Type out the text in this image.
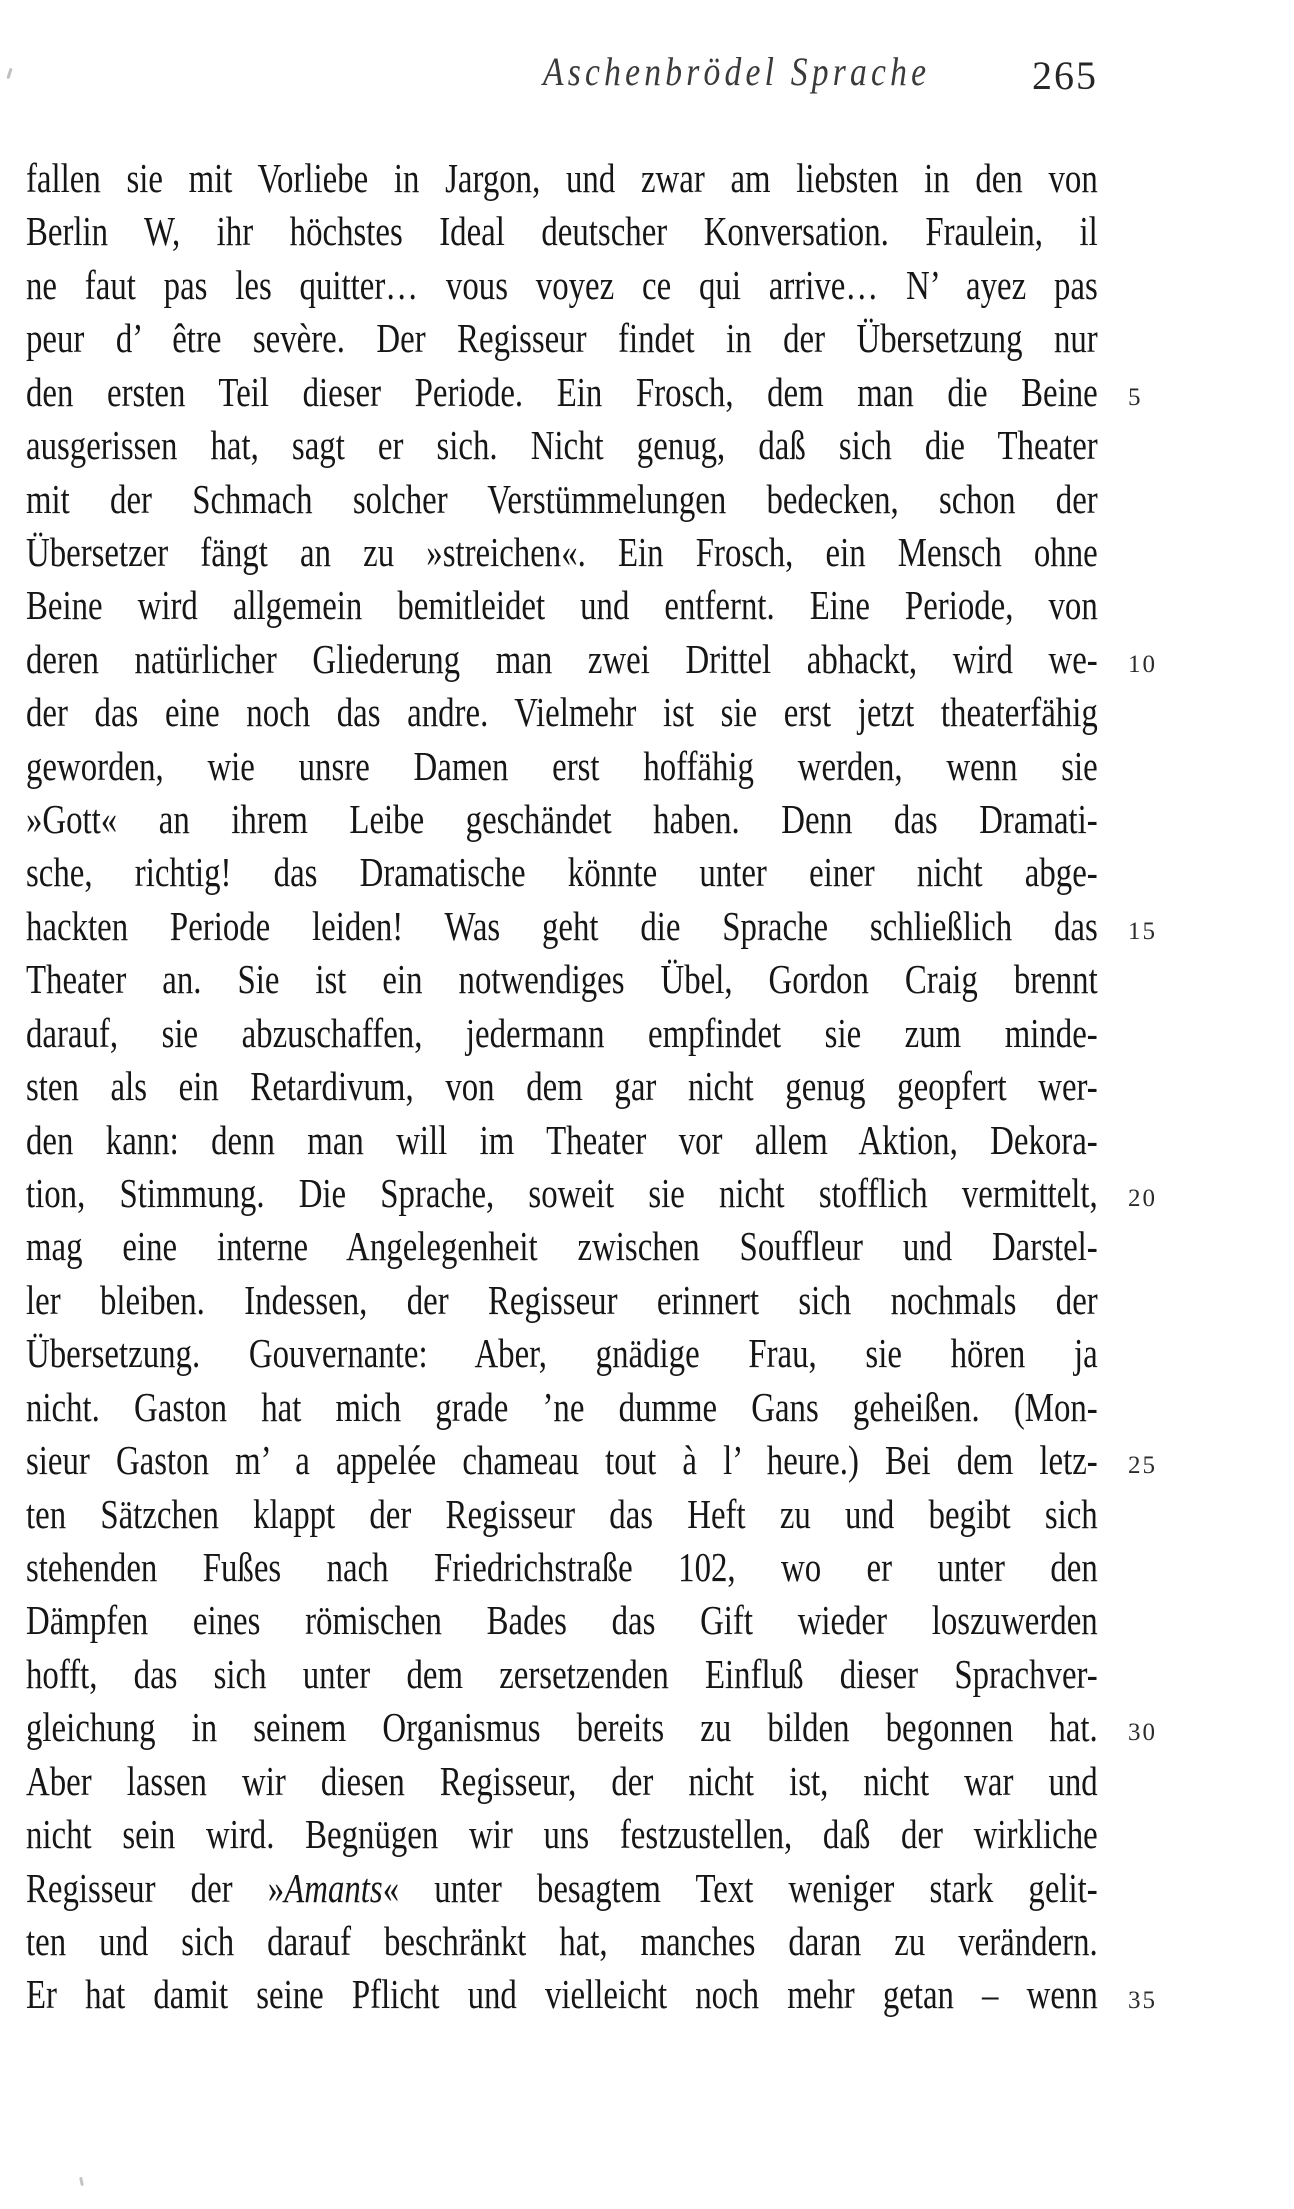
Aschenbrödel Sprache	265
fallen sie mit Vorliebe in Jargon, und zwar am liebsten in den von
Berlin W, ihr höchstes Ideal deutscher Konversation. Fraulein, il
ne faut pas les quitter… vous voyez ce qui arrive… N’ ayez pas
peur d’ être sevère. Der Regisseur findet in der Übersetzung nur
den ersten Teil dieser Periode. Ein Frosch, dem man die Beine
ausgerissen hat, sagt er sich. Nicht genug, daß sich die Theater
mit der Schmach solcher Verstümmelungen bedecken, schon der
Übersetzer fängt an zu »streichen«. Ein Frosch, ein Mensch ohne
Beine wird allgemein bemitleidet und entfernt. Eine Periode, von
deren natürlicher Gliederung man zwei Drittel abhackt, wird we-
der das eine noch das andre. Vielmehr ist sie erst jetzt theaterfähig
geworden, wie unsre Damen erst hoffähig werden, wenn sie
»Gott« an ihrem Leibe geschändet haben. Denn das Dramati-
sche, richtig! das Dramatische könnte unter einer nicht abge-
hackten Periode leiden! Was geht die Sprache schließlich das
Theater an. Sie ist ein notwendiges Übel, Gordon Craig brennt
darauf, sie abzuschaffen, jedermann empfindet sie zum minde-
sten als ein Retardivum, von dem gar nicht genug geopfert wer-
den kann: denn man will im Theater vor allem Aktion, Dekora-
tion, Stimmung. Die Sprache, soweit sie nicht stofflich vermittelt,
mag eine interne Angelegenheit zwischen Souffleur und Darstel-
ler bleiben. Indessen, der Regisseur erinnert sich nochmals der
Übersetzung. Gouvernante: Aber, gnädige Frau, sie hören ja
nicht. Gaston hat mich grade ’ne dumme Gans geheißen. (Mon-
sieur Gaston m’ a appelée chameau tout à l’ heure.) Bei dem letz-
ten Sätzchen klappt der Regisseur das Heft zu und begibt sich
stehenden Fußes nach Friedrichstraße 102, wo er unter den
Dämpfen eines römischen Bades das Gift wieder loszuwerden
hofft, das sich unter dem zersetzenden Einfluß dieser Sprachver-
gleichung in seinem Organismus bereits zu bilden begonnen hat.
Aber lassen wir diesen Regisseur, der nicht ist, nicht war und
nicht sein wird. Begnügen wir uns festzustellen, daß der wirkliche
Regisseur der »Amants« unter besagtem Text weniger stark gelit-
ten und sich darauf beschränkt hat, manches daran zu verändern.
Er hat damit seine Pflicht und vielleicht noch mehr getan – wenn
5
10
15
20
25
30
35
